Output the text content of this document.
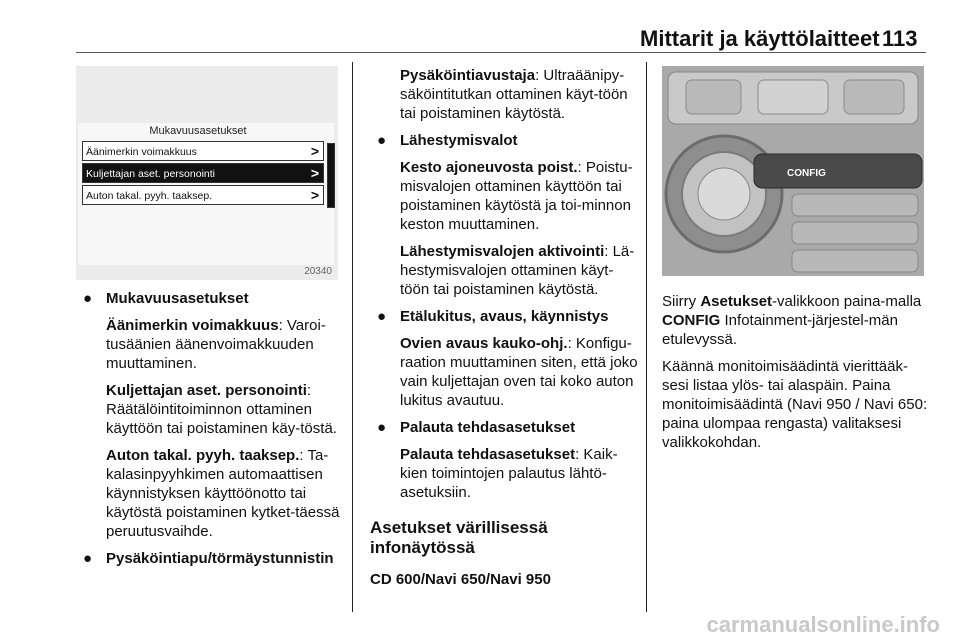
Mittarit ja käyttölaitteet 113
Mukavuusasetukset
Äänimerkin voimakkuus	>
Kuljettajan aset. personointi	>
Auton takal. pyyh. taaksep.	>
20340
● Mukavuusasetukset

Äänimerkin voimakkuus: Varoi-tusäänien äänenvoimakkuuden muuttaminen.

Kuljettajan aset. personointi: Räätälöintitoiminnon ottaminen käyttöön tai poistaminen käy-töstä.

Auton takal. pyyh. taaksep.: Ta-kalasinpyyhkimen automaattisen käynnistyksen käyttöönotto tai käytöstä poistaminen kytket-täessä peruutusvaihde.

● Pysäköintiapu/törmäystunnistin

Pysäköintiavustaja: Ultraäänipy-säköintitutkan ottaminen käyt-töön tai poistaminen käytöstä.

● Lähestymisvalot

Kesto ajoneuvosta poist.: Poistu-misvalojen ottaminen käyttöön tai poistaminen käytöstä ja toi-minnon keston muuttaminen.

Lähestymisvalojen aktivointi: Lä-hestymisvalojen ottaminen käyt-töön tai poistaminen käytöstä.

● Etälukitus, avaus, käynnistys

Ovien avaus kauko-ohj.: Konfigu-raation muuttaminen siten, että joko vain kuljettajan oven tai koko auton lukitus avautuu.

● Palauta tehdasasetukset

Palauta tehdasasetukset: Kaik-kien toimintojen palautus lähtö-asetuksiin.

Asetukset värillisessä infonäytössä
CD 600/Navi 650/Navi 950
CONFIG

Siirry Asetukset-valikkoon paina-malla CONFIG Infotainment-järjestel-män etulevyssä.

Käännä monitoimisäädintä vierittääk-sesi listaa ylös- tai alaspäin. Paina monitoimisäädintä (Navi 950 / Navi 650: paina ulompaa rengasta) valitaksesi valikkokohdan.

carmanualsonline.info
